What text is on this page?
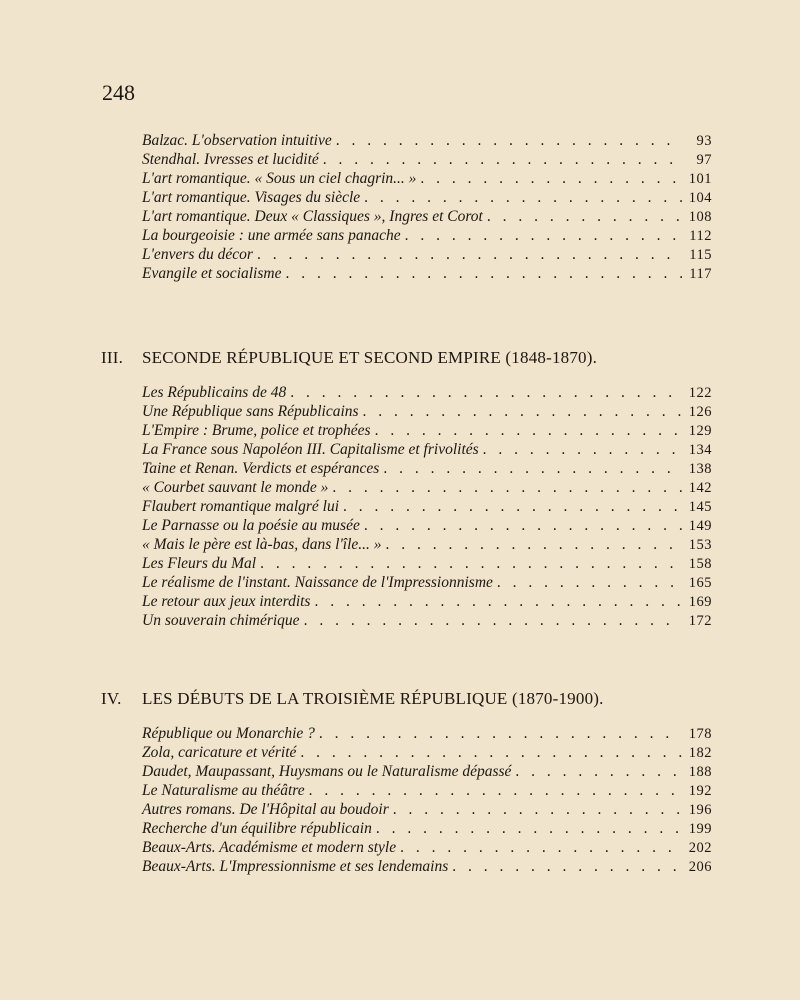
248
Balzac. L'observation intuitive . . .	93
Stendhal. Ivresses et lucidité . . .	97
L'art romantique. « Sous un ciel chagrin... » . . .	101
L'art romantique. Visages du siècle . . .	104
L'art romantique. Deux « Classiques », Ingres et Corot . . .	108
La bourgeoisie : une armée sans panache . . .	112
L'envers du décor . . .	115
Evangile et socialisme . . .	117
III. SECONDE RÉPUBLIQUE ET SECOND EMPIRE (1848-1870).
Les Républicains de 48 . . .	122
Une République sans Républicains . . .	126
L'Empire : Brume, police et trophées . . .	129
La France sous Napoléon III. Capitalisme et frivolités . . .	134
Taine et Renan. Verdicts et espérances . . .	138
« Courbet sauvant le monde » . . .	142
Flaubert romantique malgré lui . . .	145
Le Parnasse ou la poésie au musée . . .	149
« Mais le père est là-bas, dans l'île... » . . .	153
Les Fleurs du Mal . . .	158
Le réalisme de l'instant. Naissance de l'Impressionnisme . . .	165
Le retour aux jeux interdits . . .	169
Un souverain chimérique . . .	172
IV. LES DÉBUTS DE LA TROISIÈME RÉPUBLIQUE (1870-1900).
République ou Monarchie ? . . .	178
Zola, caricature et vérité . . .	182
Daudet, Maupassant, Huysmans ou le Naturalisme dépassé . . .	188
Le Naturalisme au théâtre . . .	192
Autres romans. De l'Hôpital au boudoir . . .	196
Recherche d'un équilibre républicain . . .	199
Beaux-Arts. Académisme et modern style . . .	202
Beaux-Arts. L'Impressionnisme et ses lendemains . . .	206
